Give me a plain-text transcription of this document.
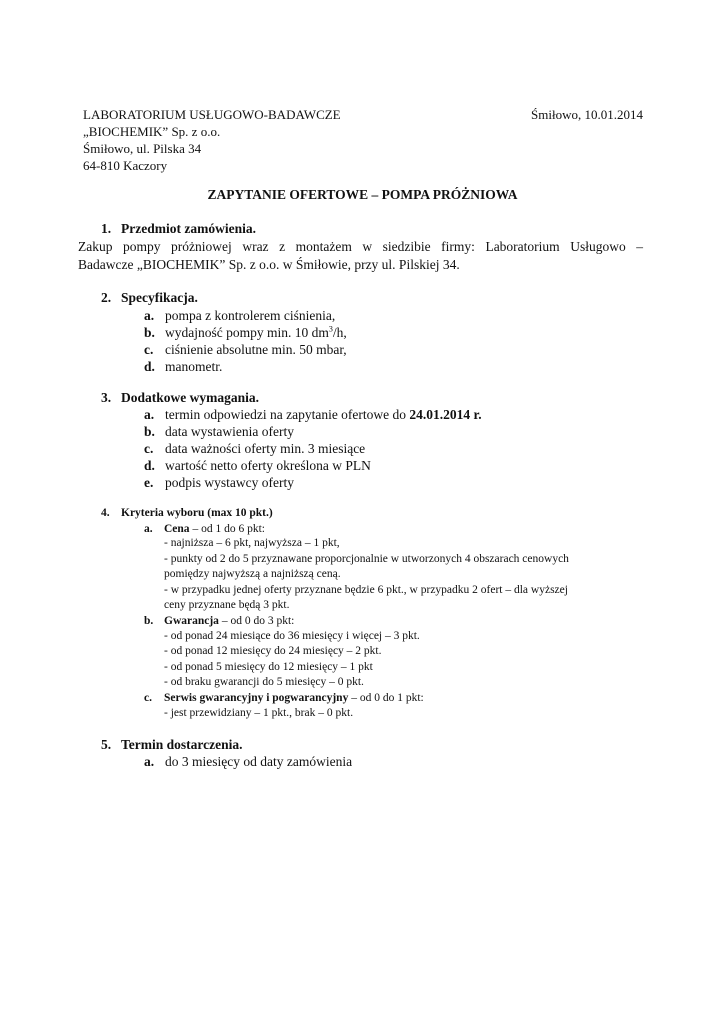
LABORATORIUM USŁUGOWO-BADAWCZE
„BIOCHEMIK” Sp. z o.o.
Śmiłowo, ul. Pilska 34
64-810 Kaczory
Śmiłowo, 10.01.2014
ZAPYTANIE OFERTOWE – POMPA PRÓŻNIOWA
1. Przedmiot zamówienia.
Zakup pompy próżniowej wraz z montażem w siedzibie firmy: Laboratorium Usługowo –
Badawcze „BIOCHEMIK” Sp. z o.o. w Śmiłowie, przy ul. Pilskiej 34.
2. Specyfikacja.
a. pompa z kontrolerem ciśnienia,
b. wydajność pompy min. 10 $dm^3/h$,
c. ciśnienie absolutne min. 50 mbar,
d. manometr.
3. Dodatkowe wymagania.
a. termin odpowiedzi na zapytanie ofertowe do 24.01.2014 r.
b. data wystawienia oferty
c. data ważności oferty min. 3 miesiące
d. wartość netto oferty określona w PLN
e. podpis wystawcy oferty
4. Kryteria wyboru (max 10 pkt.)
a. Cena – od 1 do 6 pkt:
- najniższa – 6 pkt, najwyższa – 1 pkt,
- punkty od 2 do 5 przyznawane proporcjonalnie w utworzonych 4 obszarach cenowych
pomiędzy najwyższą a najniższą ceną.
- w przypadku jednej oferty przyznane będzie 6 pkt., w przypadku 2 ofert – dla wyższej
ceny przyznane będą 3 pkt.
b. Gwarancja – od 0 do 3 pkt:
- od ponad 24 miesiące do 36 miesięcy i więcej – 3 pkt.
- od ponad 12 miesięcy do 24 miesięcy – 2 pkt.
- od ponad 5 miesięcy do 12 miesięcy – 1 pkt
- od braku gwarancji do 5 miesięcy – 0 pkt.
c. Serwis gwarancyjny i pogwarancyjny – od 0 do 1 pkt:
- jest przewidziany – 1 pkt., brak – 0 pkt.
5. Termin dostarczenia.
a. do 3 miesięcy od daty zamówienia
